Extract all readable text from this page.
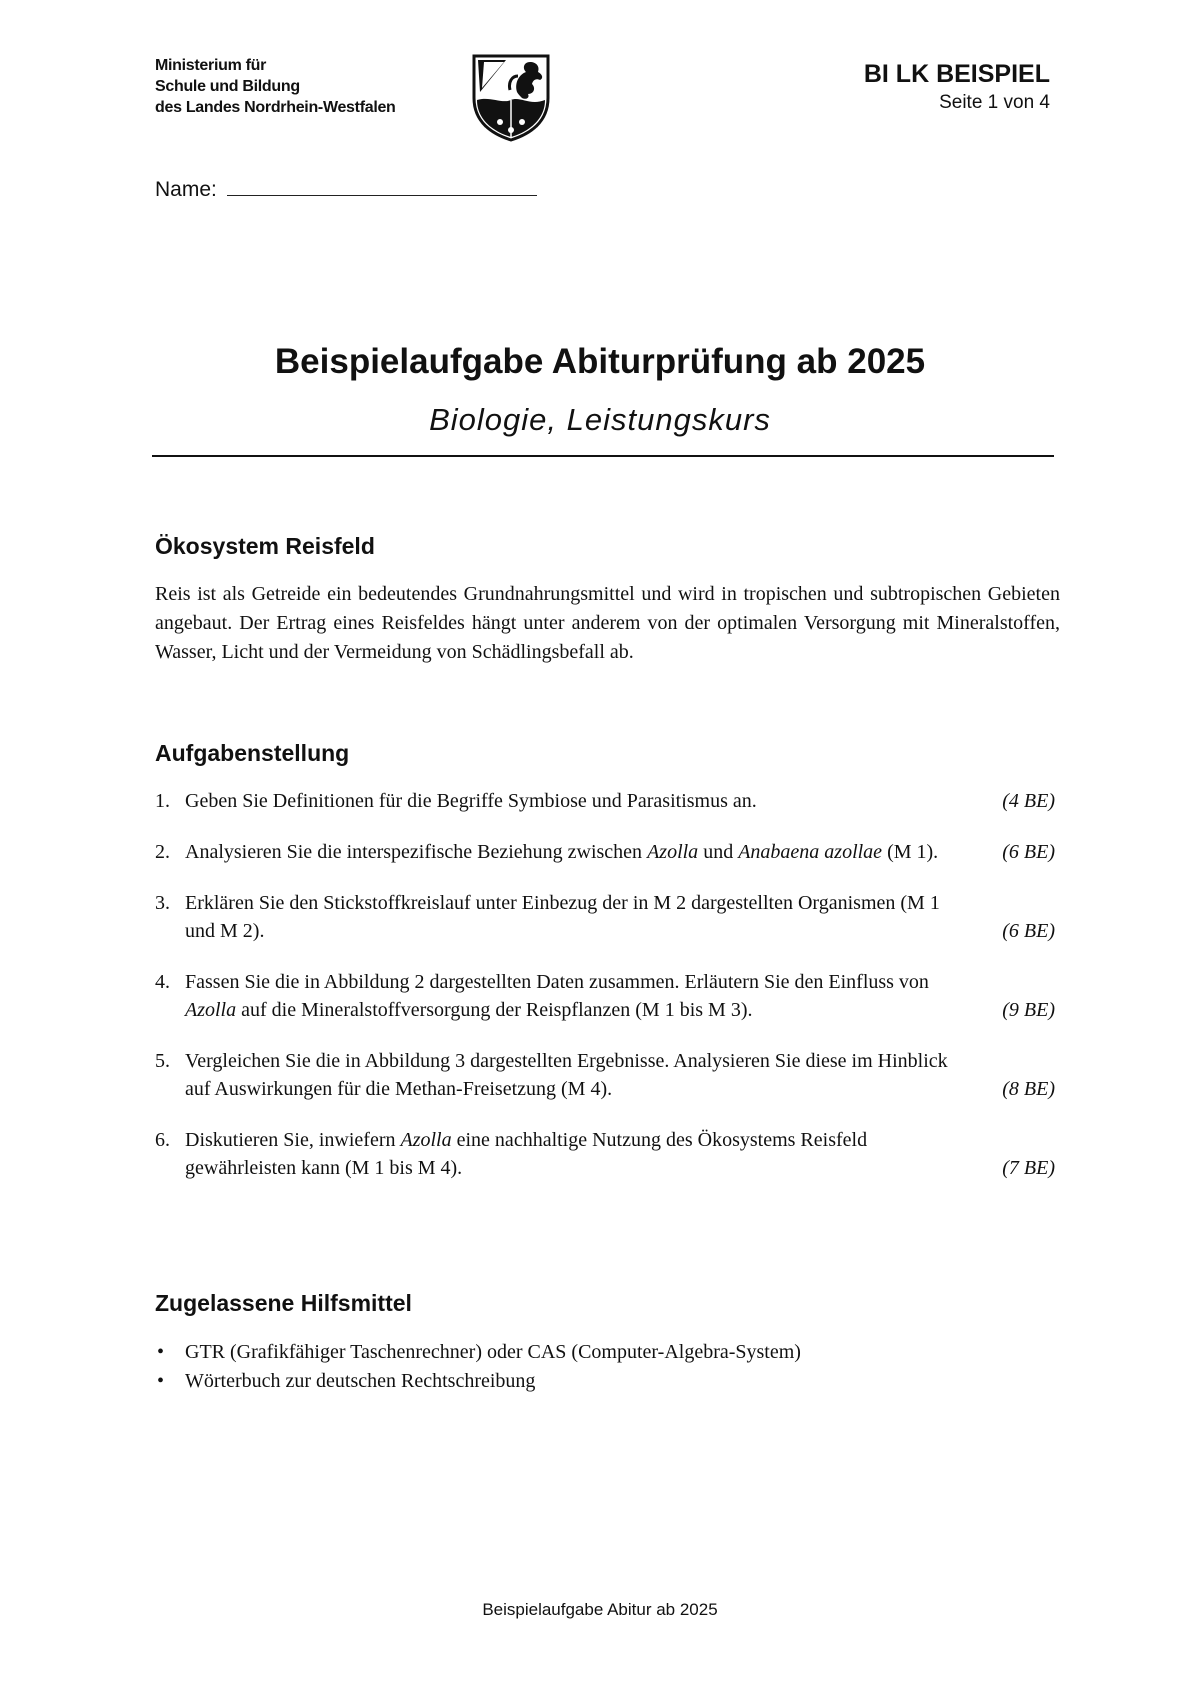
Ministerium für
Schule und Bildung
des Landes Nordrhein-Westfalen
BI LK BEISPIEL
Seite 1 von 4
Name:
Beispielaufgabe Abiturprüfung ab 2025
Biologie, Leistungskurs
Ökosystem Reisfeld
Reis ist als Getreide ein bedeutendes Grundnahrungsmittel und wird in tropischen und subtropischen Gebieten angebaut. Der Ertrag eines Reisfeldes hängt unter anderem von der optimalen Versorgung mit Mineralstoffen, Wasser, Licht und der Vermeidung von Schädlingsbefall ab.
Aufgabenstellung
1. Geben Sie Definitionen für die Begriffe Symbiose und Parasitismus an.	(4 BE)
2. Analysieren Sie die interspezifische Beziehung zwischen Azolla und Anabaena azollae (M 1).	(6 BE)
3. Erklären Sie den Stickstoffkreislauf unter Einbezug der in M 2 dargestellten Organismen (M 1 und M 2).	(6 BE)
4. Fassen Sie die in Abbildung 2 dargestellten Daten zusammen. Erläutern Sie den Einfluss von Azolla auf die Mineralstoffversorgung der Reispflanzen (M 1 bis M 3).	(9 BE)
5. Vergleichen Sie die in Abbildung 3 dargestellten Ergebnisse. Analysieren Sie diese im Hinblick auf Auswirkungen für die Methan-Freisetzung (M 4).	(8 BE)
6. Diskutieren Sie, inwiefern Azolla eine nachhaltige Nutzung des Ökosystems Reisfeld gewährleisten kann (M 1 bis M 4).	(7 BE)
Zugelassene Hilfsmittel
• GTR (Grafikfähiger Taschenrechner) oder CAS (Computer-Algebra-System)
• Wörterbuch zur deutschen Rechtschreibung
Beispielaufgabe Abitur ab 2025
